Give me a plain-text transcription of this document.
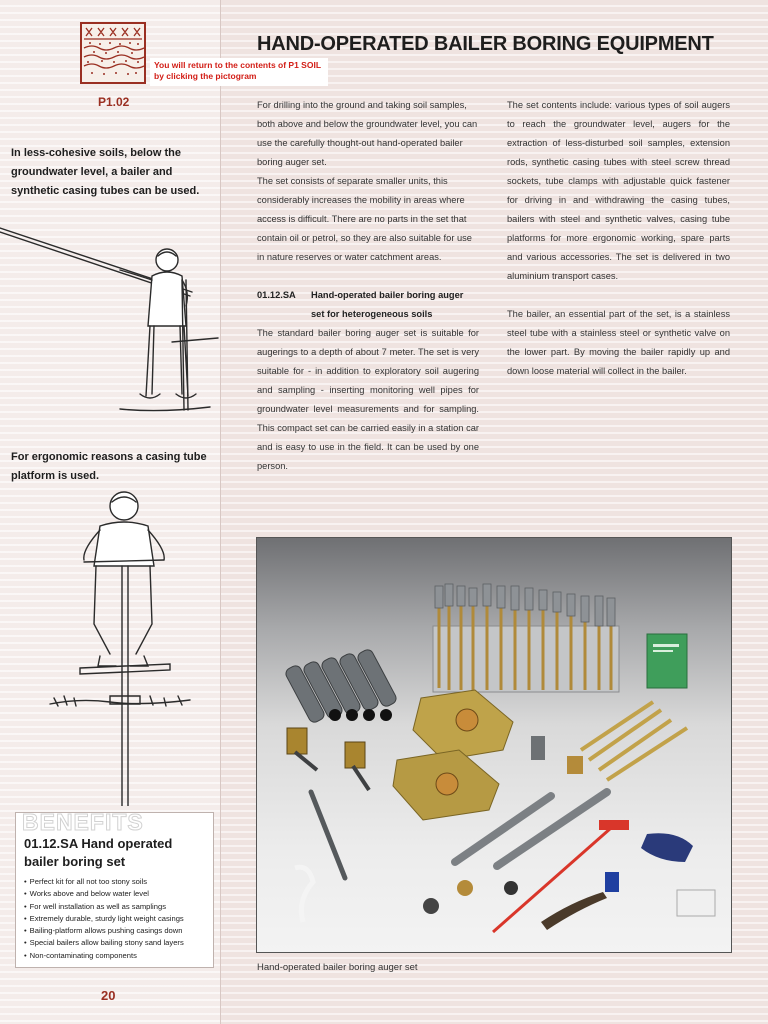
You will return to the contents of P1 SOIL by clicking the pictogram
HAND-OPERATED BAILER BORING EQUIPMENT
P1.02
In less-cohesive soils, below the groundwater level, a bailer and synthetic casing tubes can be used.
For ergonomic reasons a casing tube platform is used.

For drilling into the ground and taking soil samples, both above and below the groundwater level, you can use the carefully thought-out hand-operated bailer boring auger set.

The set consists of separate smaller units, this considerably increases the mobility in areas where access is difficult. There are no parts in the set that contain oil or petrol, so they are also suitable for use in nature reserves or water catchment areas.

01.12.SA	Hand-operated bailer boring auger set for heterogeneous soils

The standard bailer boring auger set is suitable for augerings to a depth of about 7 meter. The set is very suitable for - in addition to exploratory soil augering and sampling - inserting monitoring well pipes for groundwater level measurements and for sampling. This compact set can be carried easily in a station car and is easy to use in the field. It can be used by one person.

The set contents include: various types of soil augers to reach the groundwater level, augers for the extraction of less-disturbed soil samples, extension rods, synthetic casing tubes with steel screw thread sockets, tube clamps with adjustable quick fastener for driving in and withdrawing the casing tubes, bailers with steel and synthetic valves, casing tube platforms for more ergonomic working, spare parts and various accessories. The set is delivered in two aluminium transport cases.

The bailer, an essential part of the set, is a stainless steel tube with a stainless steel or synthetic valve on the lower part. By moving the bailer rapidly up and down loose material will collect in the bailer.

Hand-operated bailer boring auger set
BENEFITS
01.12.SA Hand operated bailer boring set
• Perfect kit for all not too stony soils
• Works above and below water level
• For well installation as well as samplings
• Extremely durable, sturdy light weight casings
• Bailing-platform allows pushing casings down
• Special bailers allow bailing stony sand layers
• Non-contaminating components
20
